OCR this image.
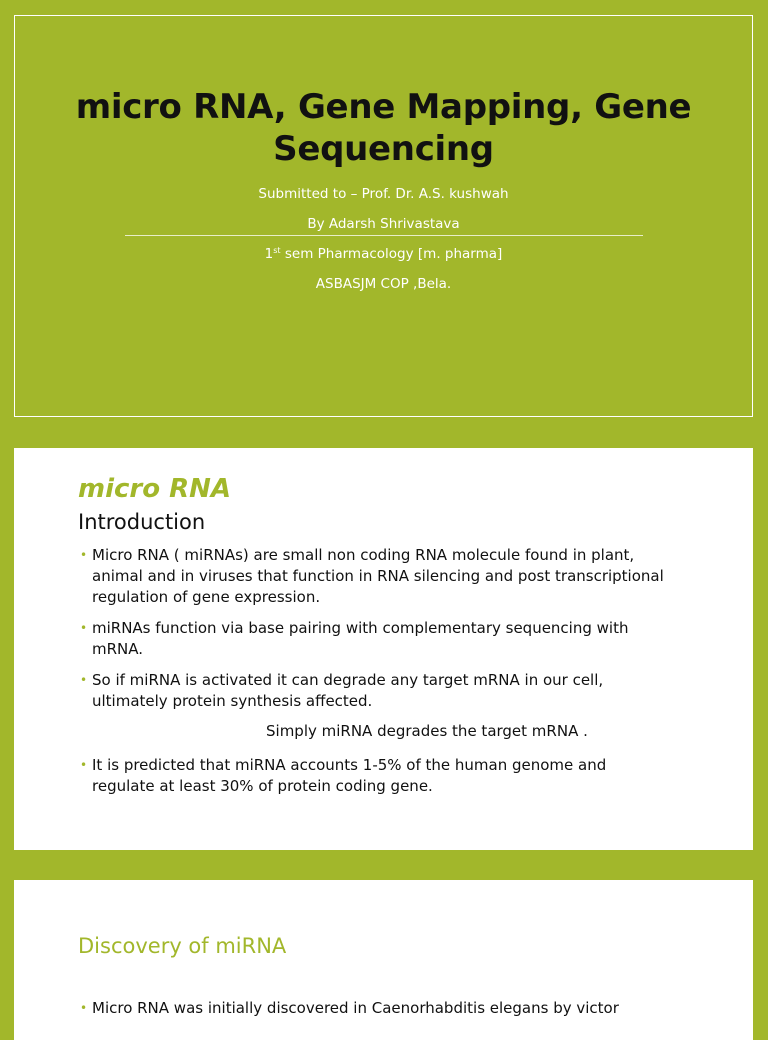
micro RNA, Gene Mapping, Gene
Sequencing
Submitted to – Prof. Dr. A.S. kushwah
By Adarsh Shrivastava
1st sem Pharmacology [m. pharma]
ASBASJM COP ,Bela.
micro RNA
Introduction
• Micro RNA ( miRNAs) are small non coding RNA molecule found in plant,
animal and in viruses that function in RNA silencing and post transcriptional
regulation of gene expression.
• miRNAs function via base pairing with complementary sequencing with
mRNA.
• So if miRNA is activated it can degrade any target mRNA in our cell,
ultimately protein synthesis affected.
Simply miRNA degrades the target mRNA .
• It is predicted that miRNA accounts 1-5% of the human genome and
regulate at least 30% of protein coding gene.
Discovery of miRNA
• Micro RNA was initially discovered in Caenorhabditis elegans by victor
